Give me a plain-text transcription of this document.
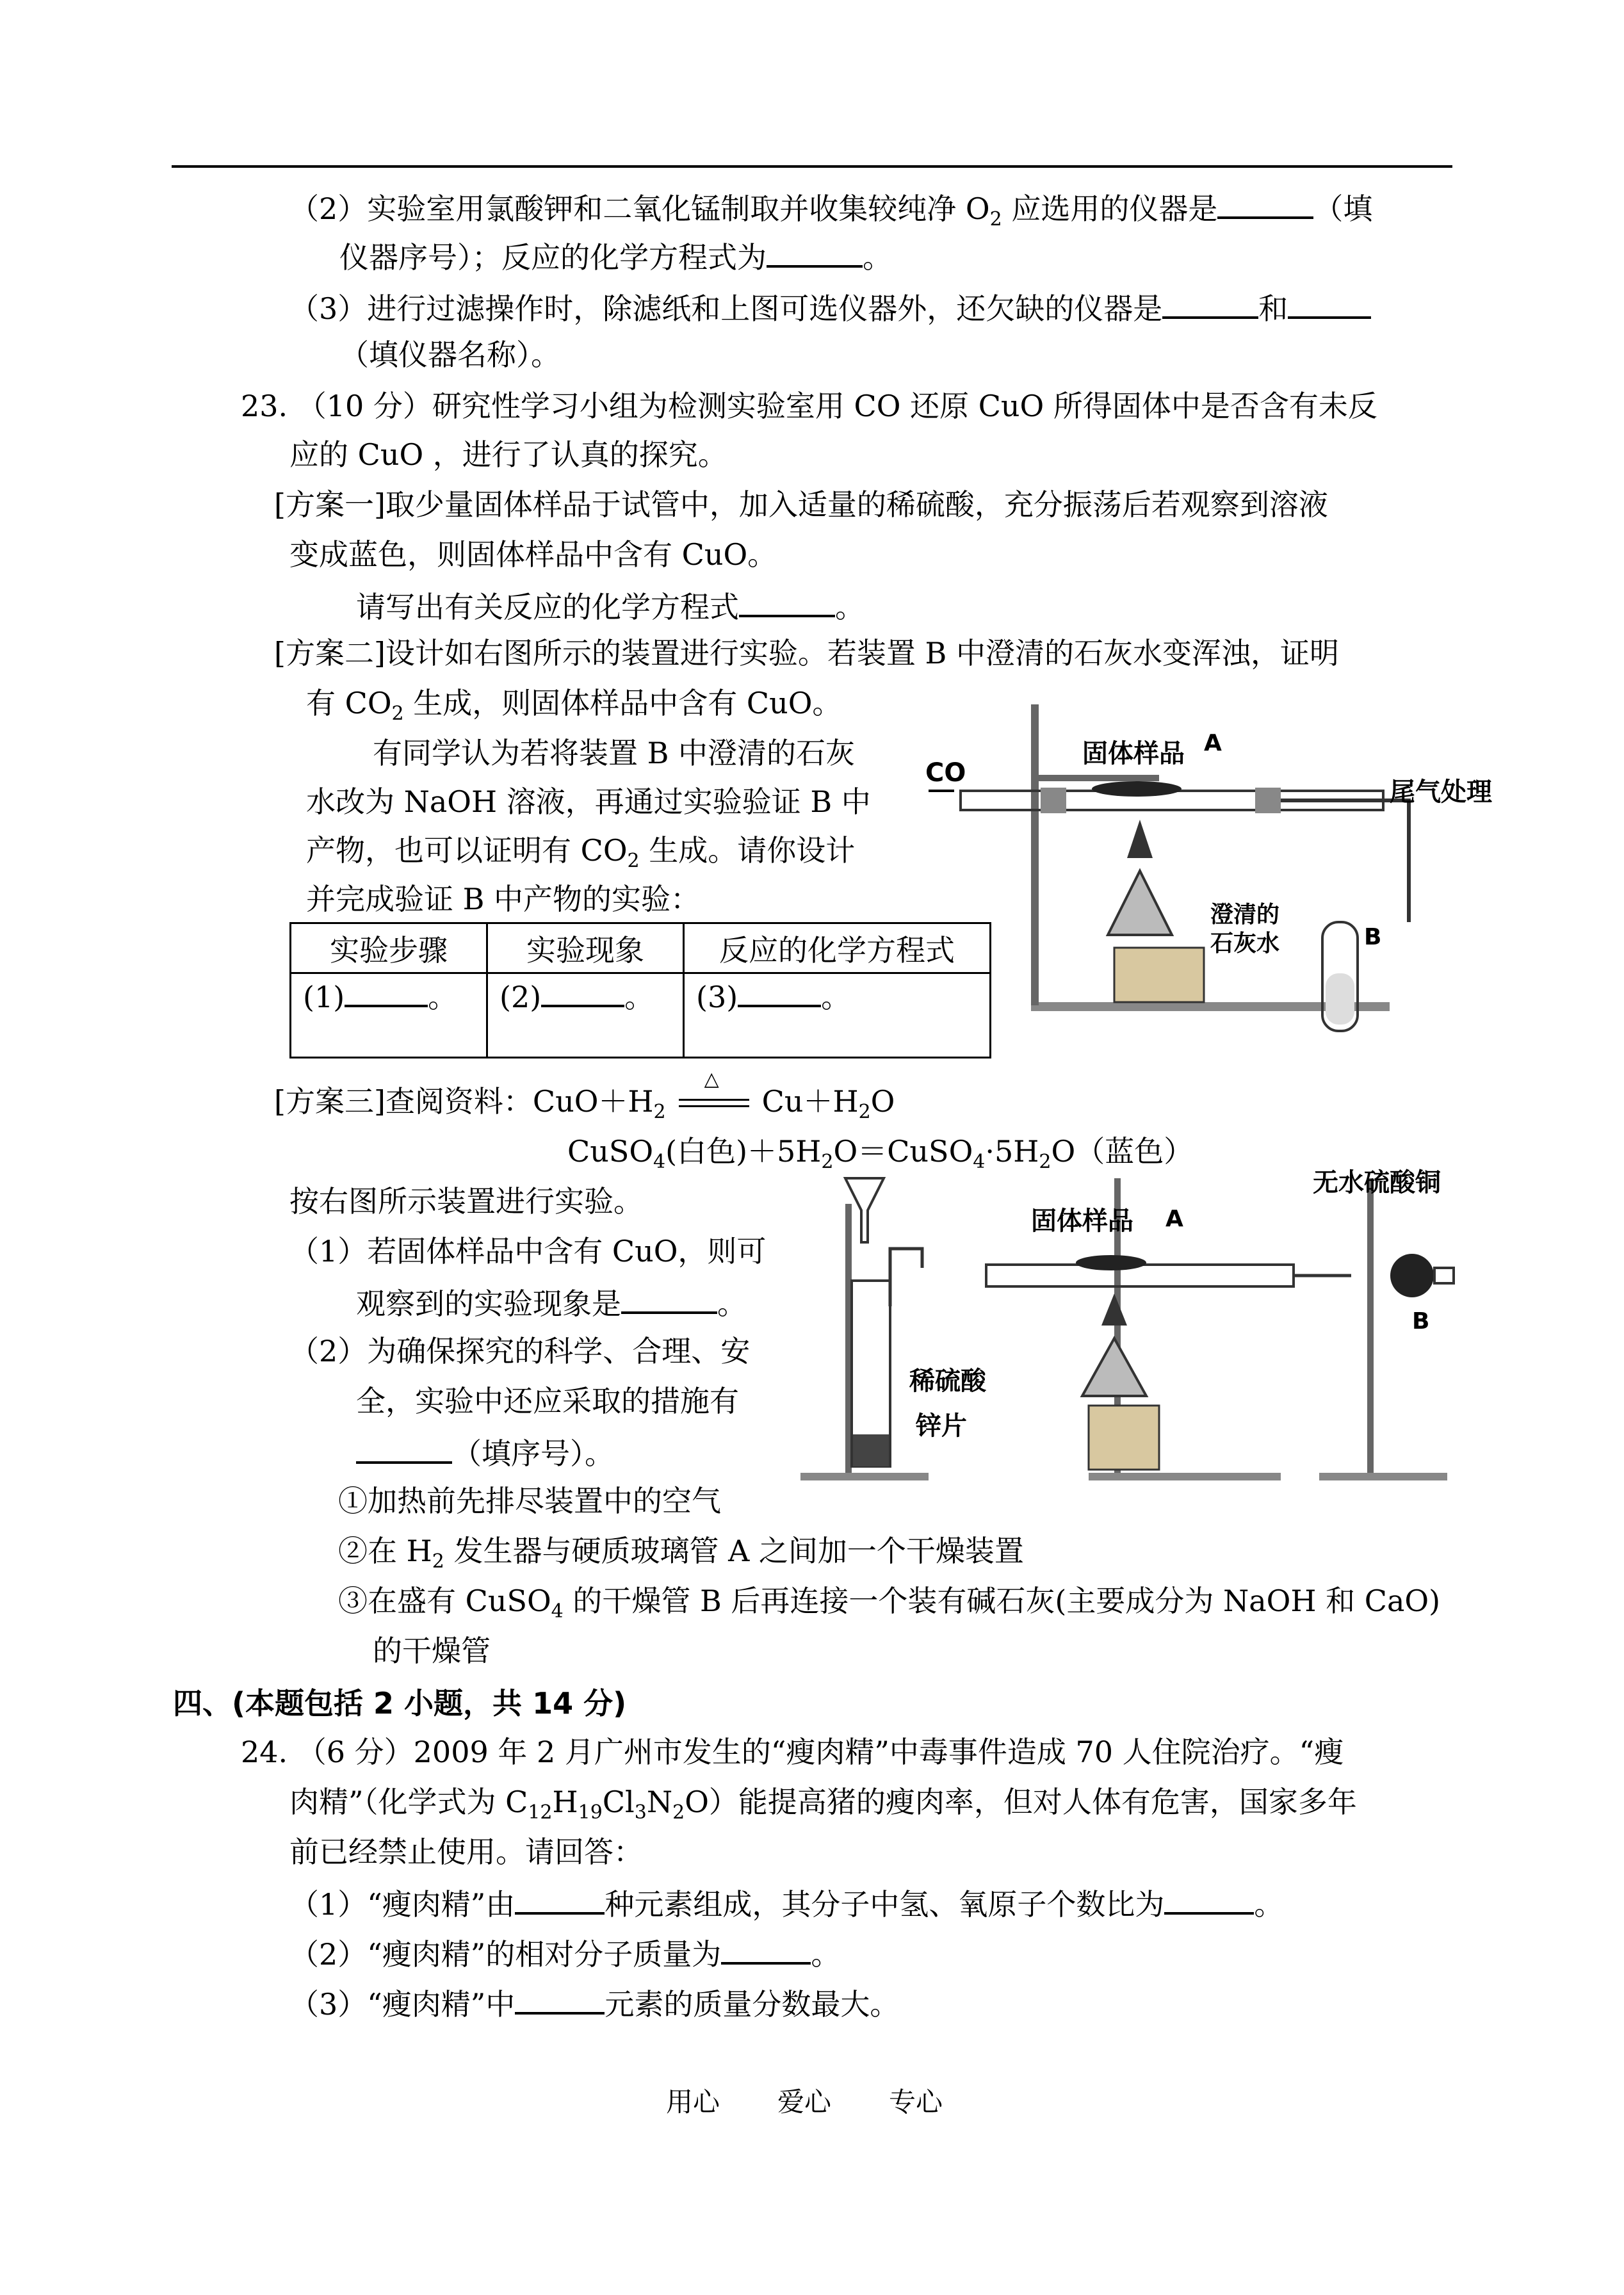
（2）实验室用氯酸钾和二氧化锰制取并收集较纯净 $O_2$ 应选用的仪器是	（填
仪器序号）；反应的化学方程式为	。
（3）进行过滤操作时，除滤纸和上图可选仪器外，还欠缺的仪器是	和
（填仪器名称）。
23. （10 分）研究性学习小组为检测实验室用 CO 还原 CuO 所得固体中是否含有未反
应的 CuO ，进行了认真的探究。
[方案一]取少量固体样品于试管中，加入适量的稀硫酸，充分振荡后若观察到溶液
变成蓝色，则固体样品中含有 CuO。
请写出有关反应的化学方程式	。
[方案二]设计如右图所示的装置进行实验。若装置 B 中澄清的石灰水变浑浊，证明
有 $CO_2$ 生成，则固体样品中含有 CuO。
有同学认为若将装置 B 中澄清的石灰
水改为 NaOH 溶液，再通过实验验证 B 中
产物，也可以证明有 $CO_2$ 生成。请你设计
并完成验证 B 中产物的实验：
实验步骤	实验现象	反应的化学方程式
(1) 。	(2) 。	(3) 。
CO
固体样品 A
尾气处理
澄清的
石灰水	B
[方案三]查阅资料：$CuO+H_2$
△
$Cu+H_2O$
CuSO$_4$(白色)$+5H_2O=CuSO_4\cdot 5H_2O$（蓝色）
按右图所示装置进行实验。
（1）若固体样品中含有 CuO，则可
观察到的实验现象是	。
（2）为确保探究的科学、合理、安
全，实验中还应采取的措施有
（填序号）。
①加热前先排尽装置中的空气
②在 $H_2$ 发生器与硬质玻璃管 A 之间加一个干燥装置
③在盛有 CuSO$_4$ 的干燥管 B 后再连接一个装有碱石灰(主要成分为 NaOH 和 CaO)
的干燥管
固体样品 A
无水硫酸铜
B
稀硫酸
锌片
四、(本题包括 2 小题，共 14 分)
24. （6 分）2009 年 2 月广州市发生的“瘦肉精”中毒事件造成 70 人住院治疗。“瘦
肉精”（化学式为 $C_{12}H_{19}Cl_3N_2O$）能提高猪的瘦肉率，但对人体有危害，国家多年
前已经禁止使用。请回答：
（1）“瘦肉精”由	种元素组成，其分子中氢、氧原子个数比为	。
（2）“瘦肉精”的相对分子质量为	。
（3）“瘦肉精”中	元素的质量分数最大。
用心 爱心 专心
